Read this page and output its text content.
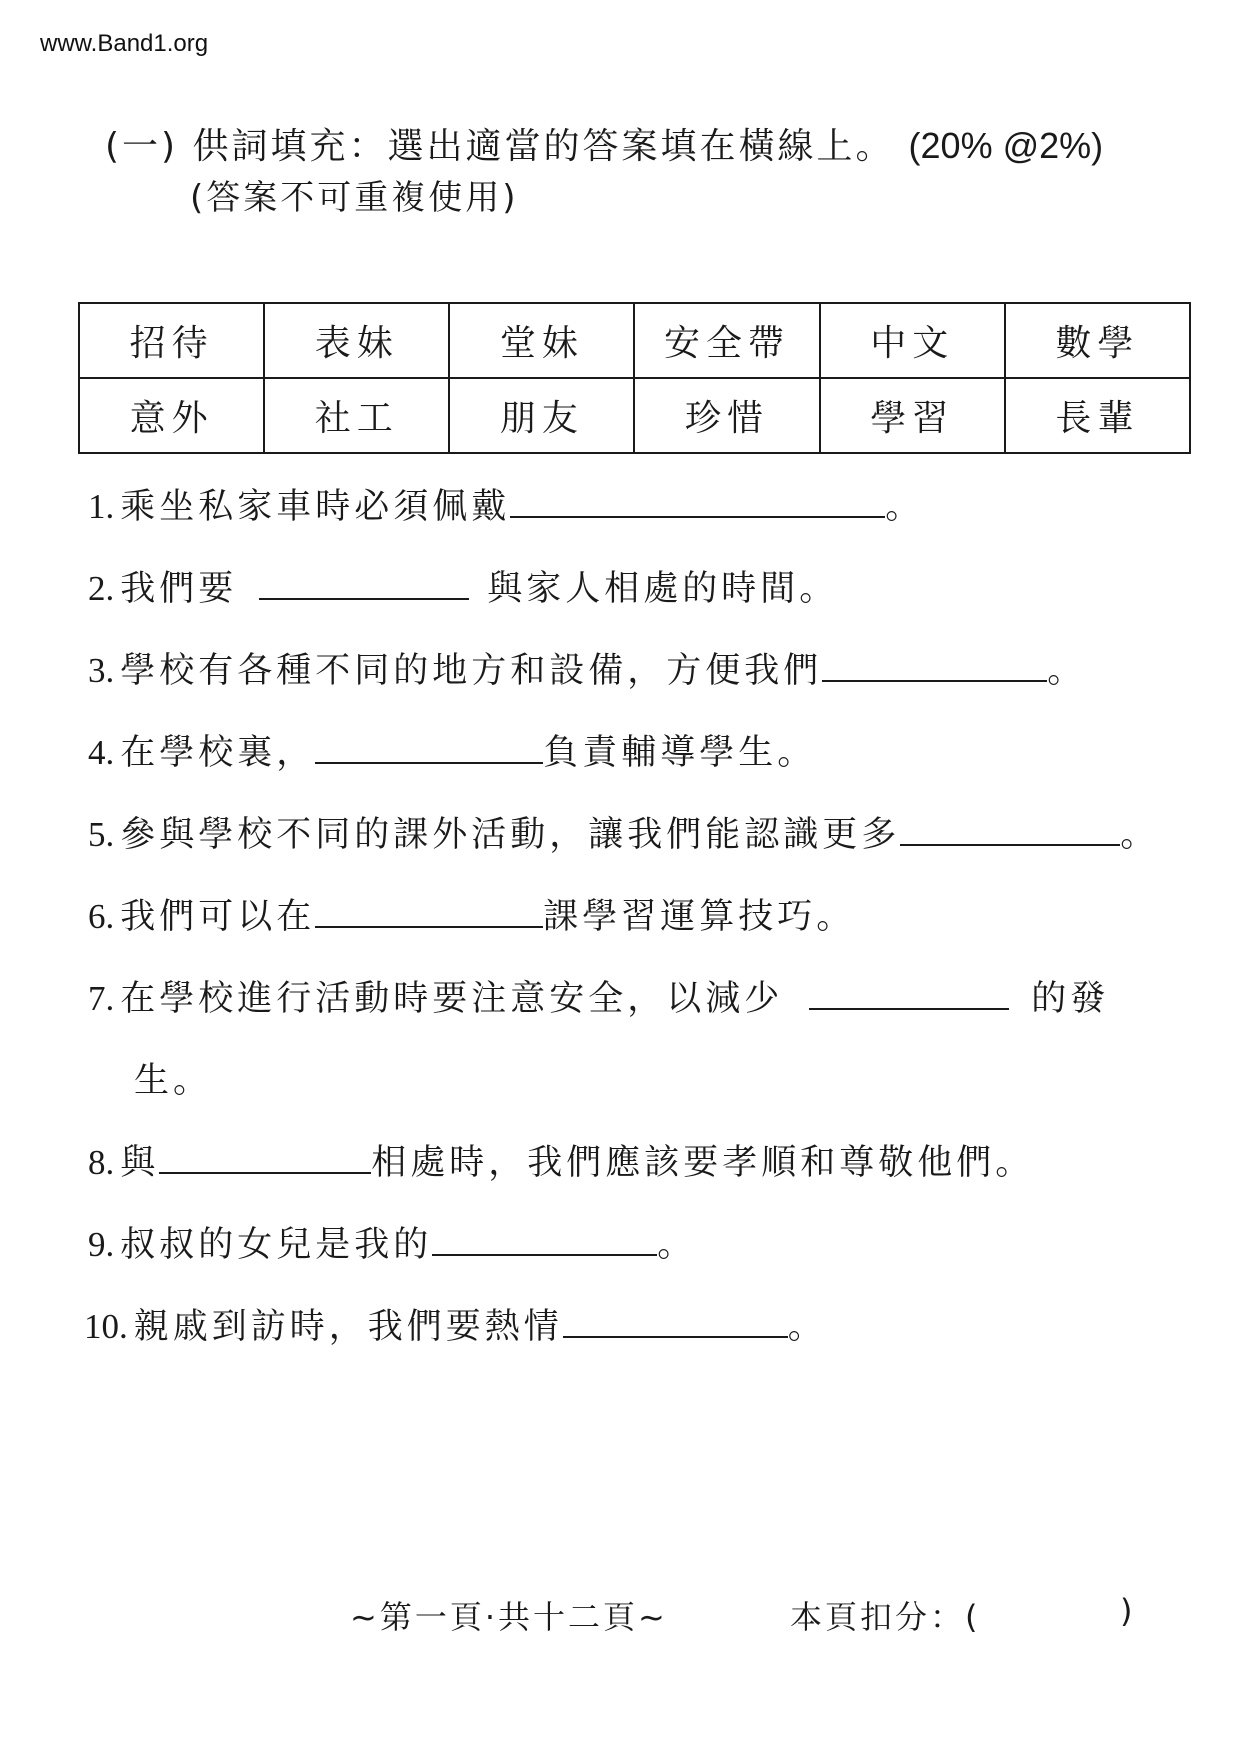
www.Band1.org
(一) 供詞填充：選出適當的答案填在橫線上。 (20% @2%)
(答案不可重複使用)
招待	表妹	堂妹	安全帶	中文	數學
意外	社工	朋友	珍惜	學習	長輩
1. 乘坐私家車時必須佩戴	。
2. 我們要	與家人相處的時間。
3. 學校有各種不同的地方和設備，方便我們	。
4. 在學校裏，	負責輔導學生。
5. 參與學校不同的課外活動，讓我們能認識更多	。
6. 我們可以在	課學習運算技巧。
7. 在學校進行活動時要注意安全，以減少	的發
生。
8. 與	相處時，我們應該要孝順和尊敬他們。
9. 叔叔的女兒是我的	。
10. 親戚到訪時，我們要熱情	。
~第一頁·共十二頁~	本頁扣分：(	)
